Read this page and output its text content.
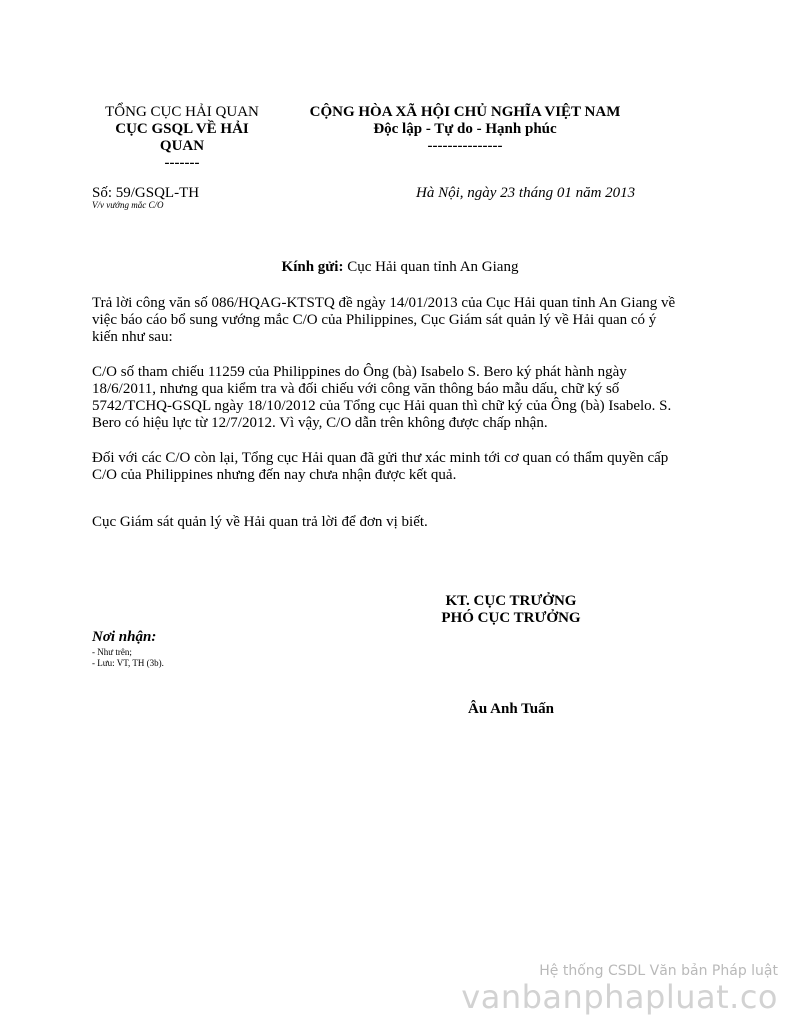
TỔNG CỤC HẢI QUAN
CỤC GSQL VỀ HẢI
QUAN
-------
CỘNG HÒA XÃ HỘI CHỦ NGHĨA VIỆT NAM
Độc lập - Tự do - Hạnh phúc
---------------
Số: 59/GSQL-TH
V/v vướng mắc C/O
Hà Nội, ngày 23 tháng 01 năm 2013
Kính gửi: Cục Hải quan tỉnh An Giang
Trả lời công văn số 086/HQAG-KTSTQ đề ngày 14/01/2013 của Cục Hải quan tỉnh An Giang về
việc báo cáo bổ sung vướng mắc C/O của Philippines, Cục Giám sát quản lý về Hải quan có ý
kiến như sau:
C/O số tham chiếu 11259 của Philippines do Ông (bà) Isabelo S. Bero ký phát hành ngày
18/6/2011, nhưng qua kiểm tra và đối chiếu với công văn thông báo mẫu dấu, chữ ký số
5742/TCHQ-GSQL ngày 18/10/2012 của Tổng cục Hải quan thì chữ ký của Ông (bà) Isabelo. S.
Bero có hiệu lực từ 12/7/2012. Vì vậy, C/O dẫn trên không được chấp nhận.
Đối với các C/O còn lại, Tổng cục Hải quan đã gửi thư xác minh tới cơ quan có thẩm quyền cấp
C/O của Philippines nhưng đến nay chưa nhận được kết quả.
Cục Giám sát quản lý về Hải quan trả lời để đơn vị biết.
KT. CỤC TRƯỞNG
PHÓ CỤC TRƯỞNG
Nơi nhận:
- Như trên;
- Lưu: VT, TH (3b).
Âu Anh Tuấn
Hệ thống CSDL Văn bản Pháp luật
vanbanphapluat.co
